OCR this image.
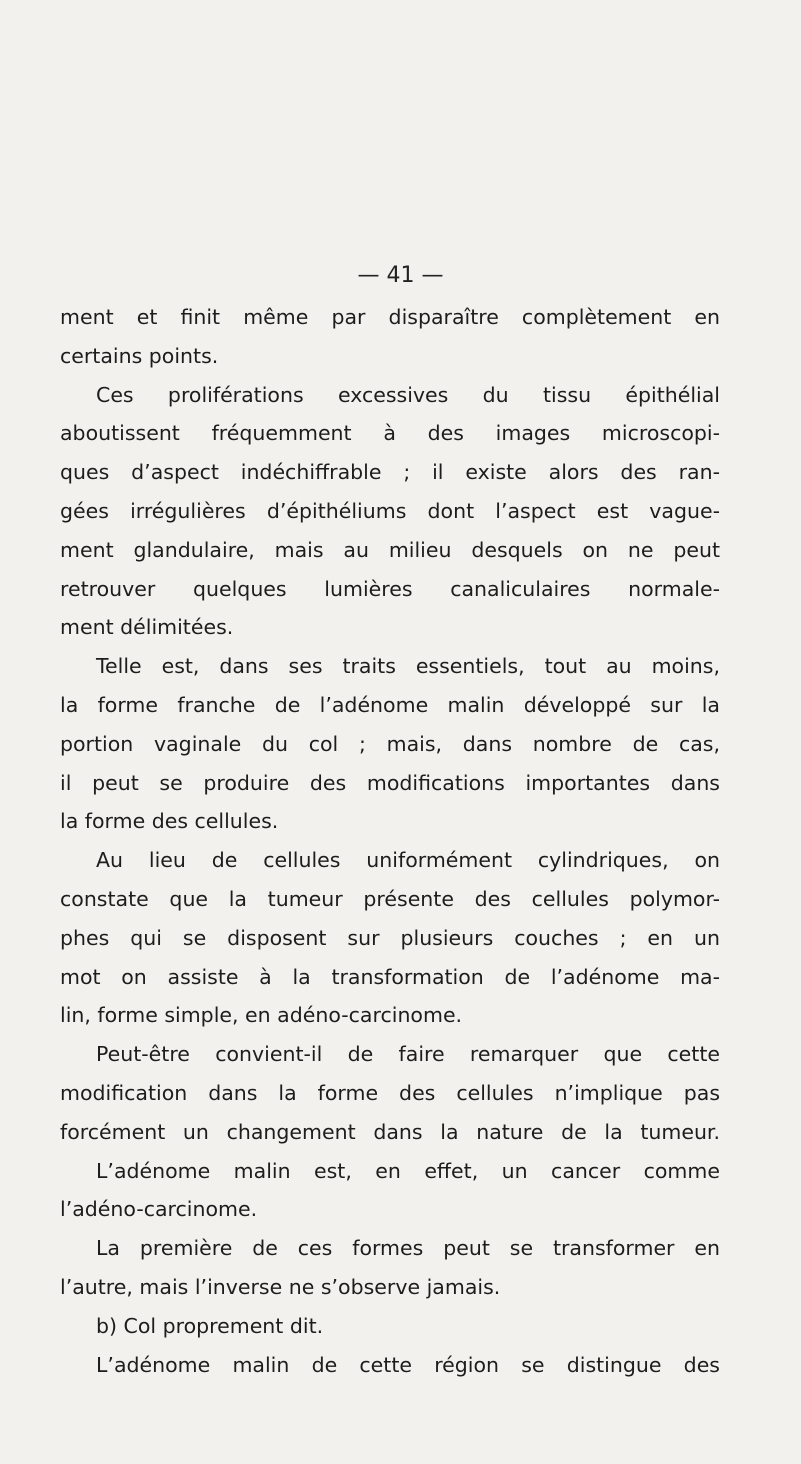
— 41 —
ment et finit même par disparaître complètement en
certains points.
Ces proliférations excessives du tissu épithélial
aboutissent fréquemment à des images microscopi-
ques d’aspect indéchiffrable ; il existe alors des ran-
gées irrégulières d’épithéliums dont l’aspect est vague-
ment glandulaire, mais au milieu desquels on ne peut
retrouver quelques lumières canaliculaires normale-
ment délimitées.
Telle est, dans ses traits essentiels, tout au moins,
la forme franche de l’adénome malin développé sur la
portion vaginale du col ; mais, dans nombre de cas,
il peut se produire des modifications importantes dans
la forme des cellules.
Au lieu de cellules uniformément cylindriques, on
constate que la tumeur présente des cellules polymor-
phes qui se disposent sur plusieurs couches ; en un
mot on assiste à la transformation de l’adénome ma-
lin, forme simple, en adéno-carcinome.
Peut-être convient-il de faire remarquer que cette
modification dans la forme des cellules n’implique pas
forcément un changement dans la nature de la tumeur.
L’adénome malin est, en effet, un cancer comme
l’adéno-carcinome.
La première de ces formes peut se transformer en
l’autre, mais l’inverse ne s’observe jamais.
b) Col proprement dit.
L’adénome malin de cette région se distingue des
